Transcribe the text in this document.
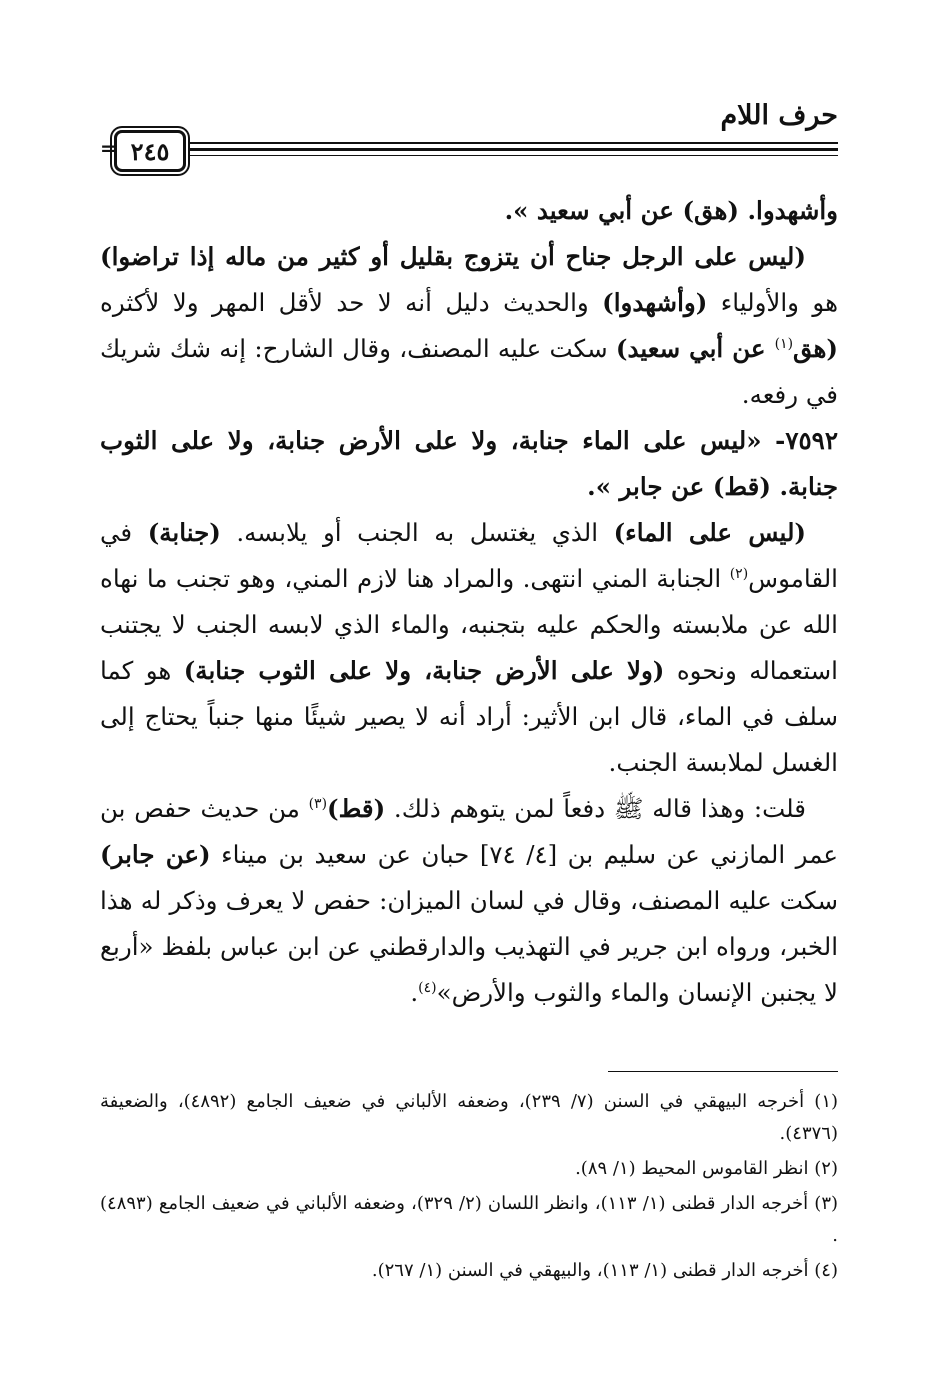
حرف اللام
٢٤٥
=

وأشهدوا. (هق) عن أبي سعيد ».

(ليس على الرجل جناح أن يتزوج بقليل أو كثير من ماله إذا تراضوا) هو والأولياء (وأشهدوا) والحديث دليل أنه لا حد لأقل المهر ولا لأكثره (هق$^{(١)}$ عن أبي سعيد) سكت عليه المصنف، وقال الشارح: إنه شك شريك في رفعه.

٧٥٩٢- «ليس على الماء جنابة، ولا على الأرض جنابة، ولا على الثوب جنابة. (قط) عن جابر ».

(ليس على الماء) الذي يغتسل به الجنب أو يلابسه. (جنابة) في القاموس$^{(٢)}$ الجنابة المني انتهى. والمراد هنا لازم المني، وهو تجنب ما نهاه الله عن ملابسته والحكم عليه بتجنبه، والماء الذي لابسه الجنب لا يجتنب استعماله ونحوه (ولا على الأرض جنابة، ولا على الثوب جنابة) هو كما سلف في الماء، قال ابن الأثير: أراد أنه لا يصير شيئًا منها جنباً يحتاج إلى الغسل لملابسة الجنب.

قلت: وهذا قاله ﷺ دفعاً لمن يتوهم ذلك. (قط)$^{(٣)}$ من حديث حفص بن عمر المازني عن سليم بن [٤/ ٧٤] حبان عن سعيد بن ميناء (عن جابر) سكت عليه المصنف، وقال في لسان الميزان: حفص لا يعرف وذكر له هذا الخبر، ورواه ابن جرير في التهذيب والدارقطني عن ابن عباس بلفظ «أربع لا يجنبن الإنسان والماء والثوب والأرض»$^{(٤)}$.

(١) أخرجه البيهقي في السنن (٧/ ٢٣٩)، وضعفه الألباني في ضعيف الجامع (٤٨٩٢)، والضعيفة (٤٣٧٦).

(٢) انظر القاموس المحيط (١/ ٨٩).

(٣) أخرجه الدار قطنى (١/ ١١٣)، وانظر اللسان (٢/ ٣٢٩)، وضعفه الألباني في ضعيف الجامع (٤٨٩٣) .

(٤) أخرجه الدار قطنى (١/ ١١٣)، والبيهقي في السنن (١/ ٢٦٧).
